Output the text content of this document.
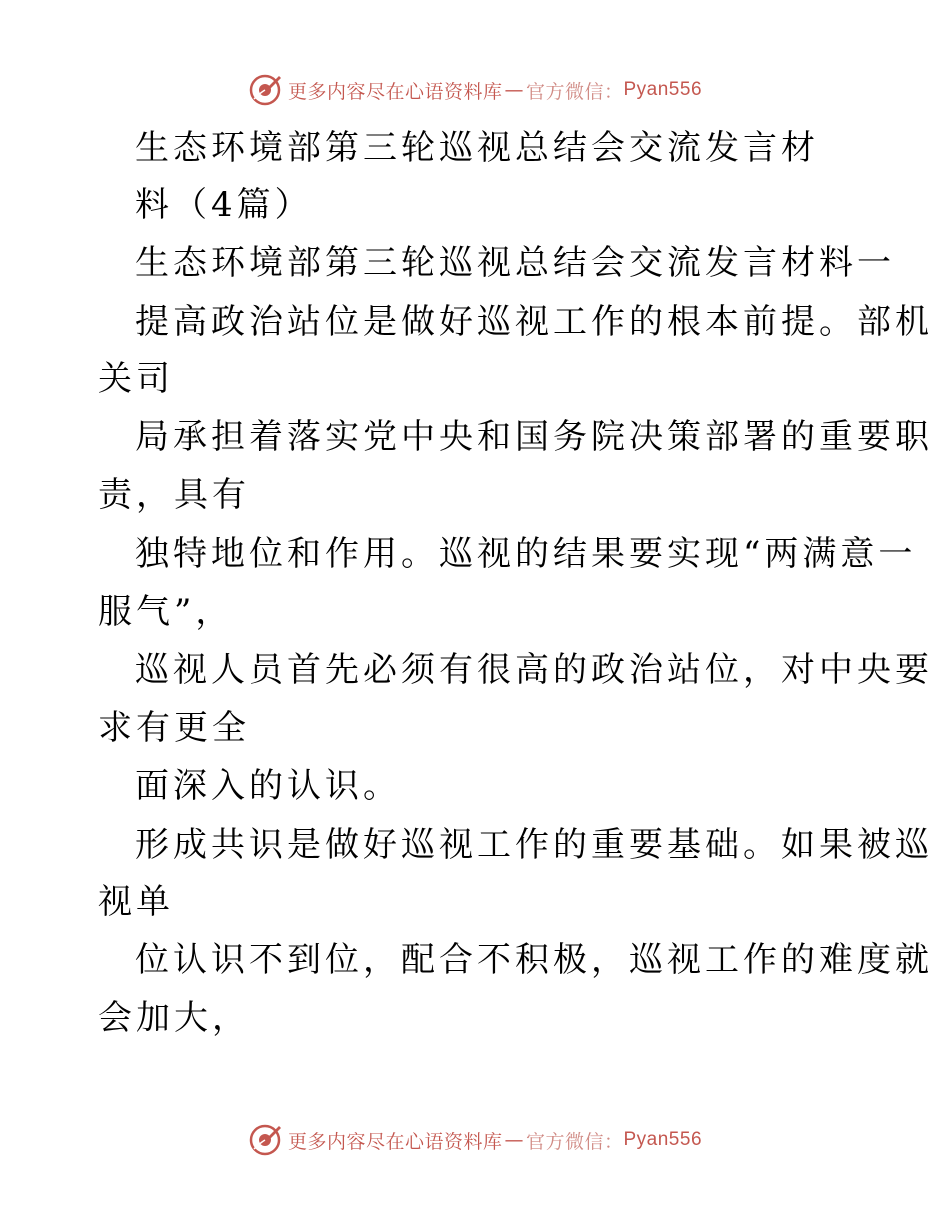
更多内容尽在心语资料库 — 官方微信： Pyan556
生态环境部第三轮巡视总结会交流发言材
料（4篇）
生态环境部第三轮巡视总结会交流发言材料一
提高政治站位是做好巡视工作的根本前提。部机
关司
局承担着落实党中央和国务院决策部署的重要职
责，具有
独特地位和作用。巡视的结果要实现“两满意一
服气”，
巡视人员首先必须有很高的政治站位，对中央要
求有更全
面深入的认识。
形成共识是做好巡视工作的重要基础。如果被巡
视单
位认识不到位，配合不积极，巡视工作的难度就
会加大，
更多内容尽在心语资料库 — 官方微信： Pyan556
